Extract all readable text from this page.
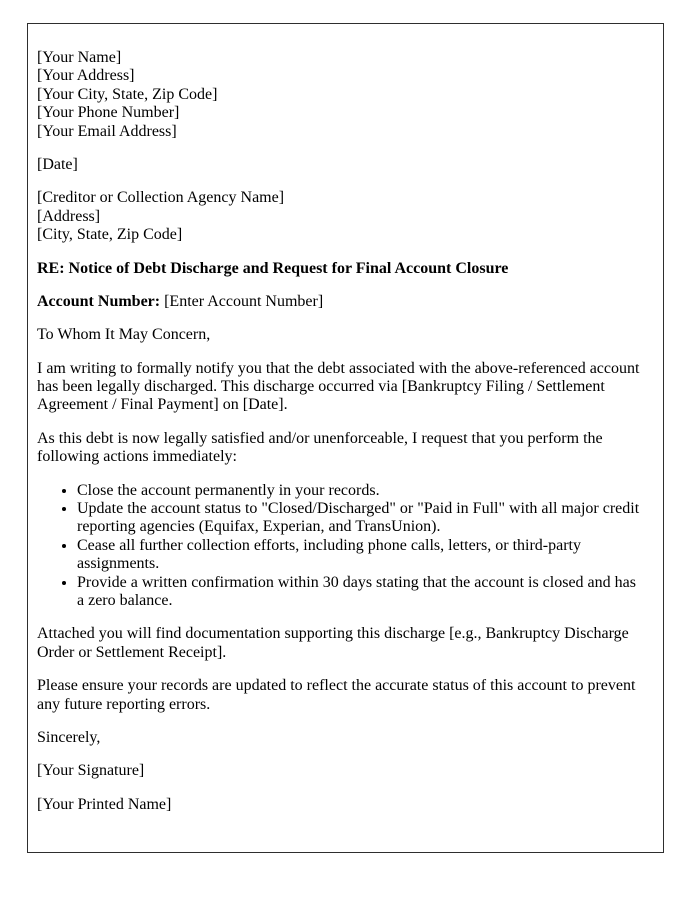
[Your Name]
[Your Address]
[Your City, State, Zip Code]
[Your Phone Number]
[Your Email Address]

[Date]

[Creditor or Collection Agency Name]
[Address]
[City, State, Zip Code]

RE: Notice of Debt Discharge and Request for Final Account Closure

Account Number: [Enter Account Number]

To Whom It May Concern,

I am writing to formally notify you that the debt associated with the above-referenced account has been legally discharged. This discharge occurred via [Bankruptcy Filing / Settlement Agreement / Final Payment] on [Date].

As this debt is now legally satisfied and/or unenforceable, I request that you perform the following actions immediately:

• Close the account permanently in your records.
• Update the account status to "Closed/Discharged" or "Paid in Full" with all major credit reporting agencies (Equifax, Experian, and TransUnion).
• Cease all further collection efforts, including phone calls, letters, or third-party assignments.
• Provide a written confirmation within 30 days stating that the account is closed and has a zero balance.

Attached you will find documentation supporting this discharge [e.g., Bankruptcy Discharge Order or Settlement Receipt].

Please ensure your records are updated to reflect the accurate status of this account to prevent any future reporting errors.

Sincerely,

[Your Signature]

[Your Printed Name]
